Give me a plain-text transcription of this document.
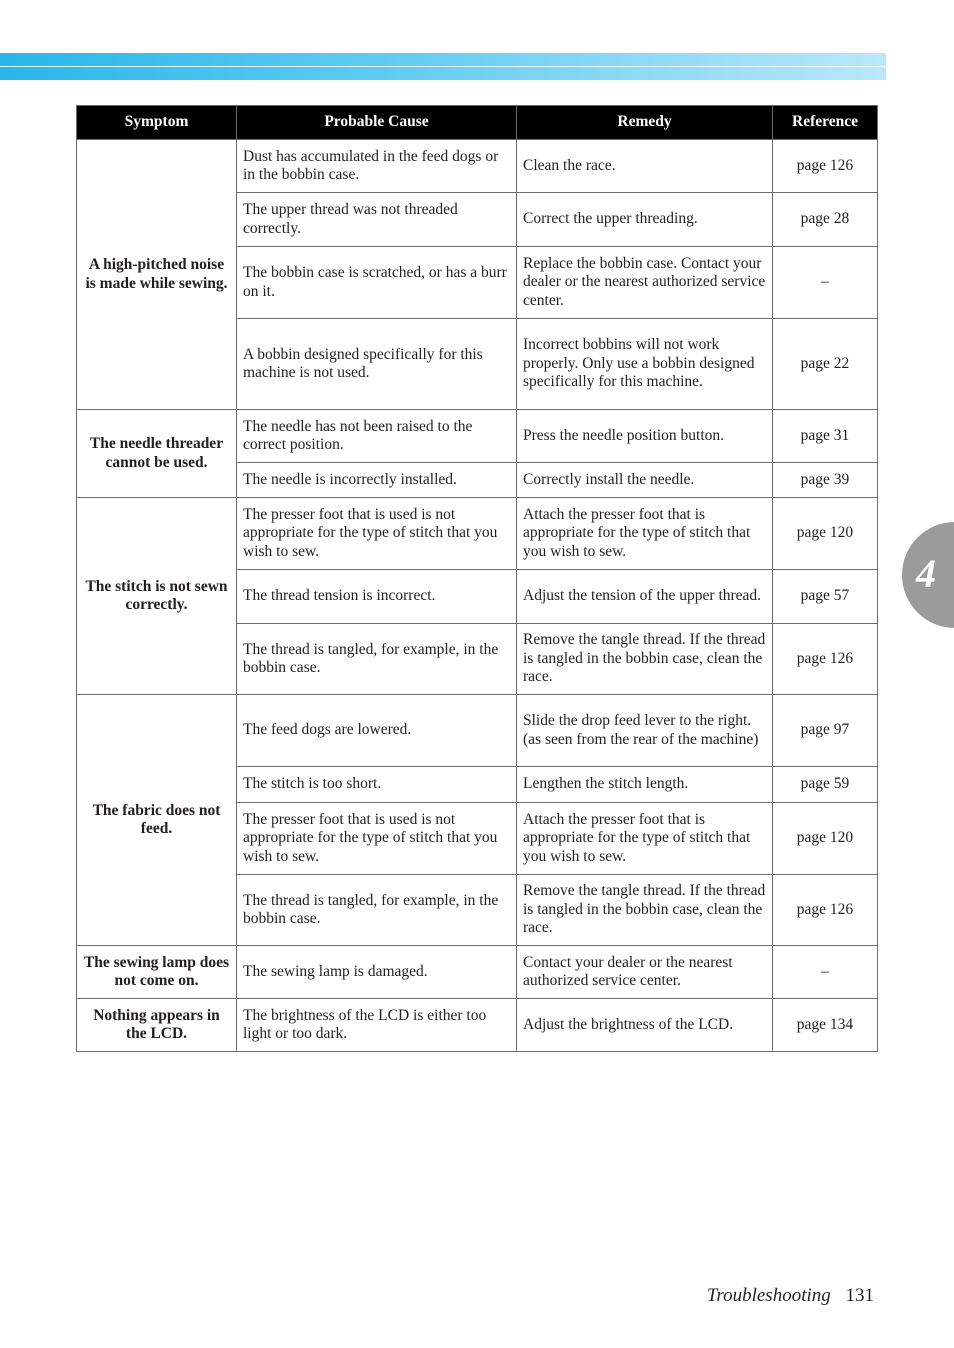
4
Symptom	Probable Cause	Remedy	Reference
A high-pitched noise is made while sewing.	Dust has accumulated in the feed dogs or in the bobbin case.	Clean the race.	page 126
	The upper thread was not threaded correctly.	Correct the upper threading.	page 28
	The bobbin case is scratched, or has a burr on it.	Replace the bobbin case. Contact your dealer or the nearest authorized service center.	–
	A bobbin designed specifically for this machine is not used.	Incorrect bobbins will not work properly. Only use a bobbin designed specifically for this machine.	page 22
The needle threader cannot be used.	The needle has not been raised to the correct position.	Press the needle position button.	page 31
	The needle is incorrectly installed.	Correctly install the needle.	page 39
The stitch is not sewn correctly.	The presser foot that is used is not appropriate for the type of stitch that you wish to sew.	Attach the presser foot that is appropriate for the type of stitch that you wish to sew.	page 120
	The thread tension is incorrect.	Adjust the tension of the upper thread.	page 57
	The thread is tangled, for example, in the bobbin case.	Remove the tangle thread. If the thread is tangled in the bobbin case, clean the race.	page 126
The fabric does not feed.	The feed dogs are lowered.	Slide the drop feed lever to the right. (as seen from the rear of the machine)	page 97
	The stitch is too short.	Lengthen the stitch length.	page 59
	The presser foot that is used is not appropriate for the type of stitch that you wish to sew.	Attach the presser foot that is appropriate for the type of stitch that you wish to sew.	page 120
	The thread is tangled, for example, in the bobbin case.	Remove the tangle thread. If the thread is tangled in the bobbin case, clean the race.	page 126
The sewing lamp does not come on.	The sewing lamp is damaged.	Contact your dealer or the nearest authorized service center.	–
Nothing appears in the LCD.	The brightness of the LCD is either too light or too dark.	Adjust the brightness of the LCD.	page 134
Troubleshooting 131
